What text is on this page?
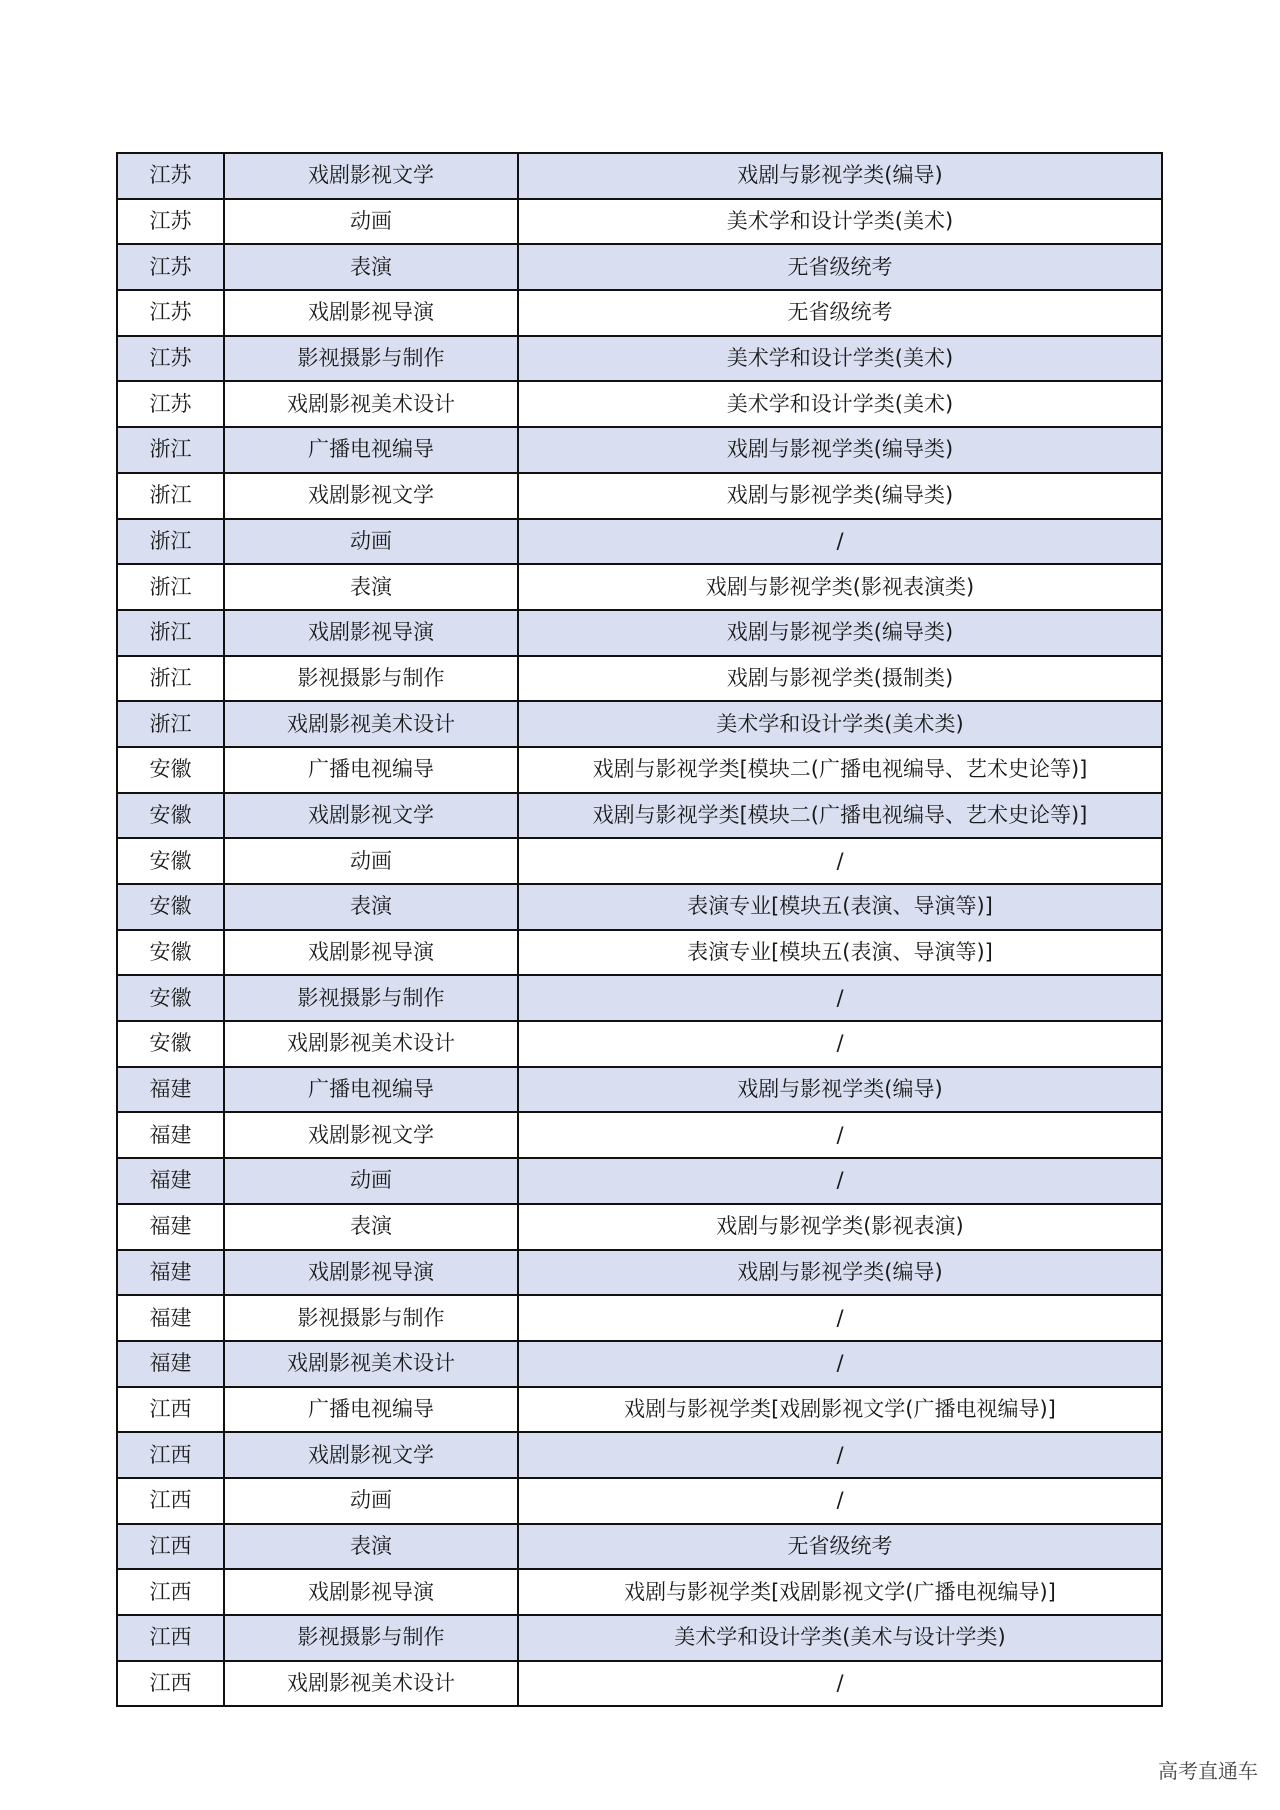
江苏	戏剧影视文学	戏剧与影视学类(编导)
江苏	动画	美术学和设计学类(美术)
江苏	表演	无省级统考
江苏	戏剧影视导演	无省级统考
江苏	影视摄影与制作	美术学和设计学类(美术)
江苏	戏剧影视美术设计	美术学和设计学类(美术)
浙江	广播电视编导	戏剧与影视学类(编导类)
浙江	戏剧影视文学	戏剧与影视学类(编导类)
浙江	动画	/
浙江	表演	戏剧与影视学类(影视表演类)
浙江	戏剧影视导演	戏剧与影视学类(编导类)
浙江	影视摄影与制作	戏剧与影视学类(摄制类)
浙江	戏剧影视美术设计	美术学和设计学类(美术类)
安徽	广播电视编导	戏剧与影视学类[模块二(广播电视编导、艺术史论等)]
安徽	戏剧影视文学	戏剧与影视学类[模块二(广播电视编导、艺术史论等)]
安徽	动画	/
安徽	表演	表演专业[模块五(表演、导演等)]
安徽	戏剧影视导演	表演专业[模块五(表演、导演等)]
安徽	影视摄影与制作	/
安徽	戏剧影视美术设计	/
福建	广播电视编导	戏剧与影视学类(编导)
福建	戏剧影视文学	/
福建	动画	/
福建	表演	戏剧与影视学类(影视表演)
福建	戏剧影视导演	戏剧与影视学类(编导)
福建	影视摄影与制作	/
福建	戏剧影视美术设计	/
江西	广播电视编导	戏剧与影视学类[戏剧影视文学(广播电视编导)]
江西	戏剧影视文学	/
江西	动画	/
江西	表演	无省级统考
江西	戏剧影视导演	戏剧与影视学类[戏剧影视文学(广播电视编导)]
江西	影视摄影与制作	美术学和设计学类(美术与设计学类)
江西	戏剧影视美术设计	/
高考直通车
